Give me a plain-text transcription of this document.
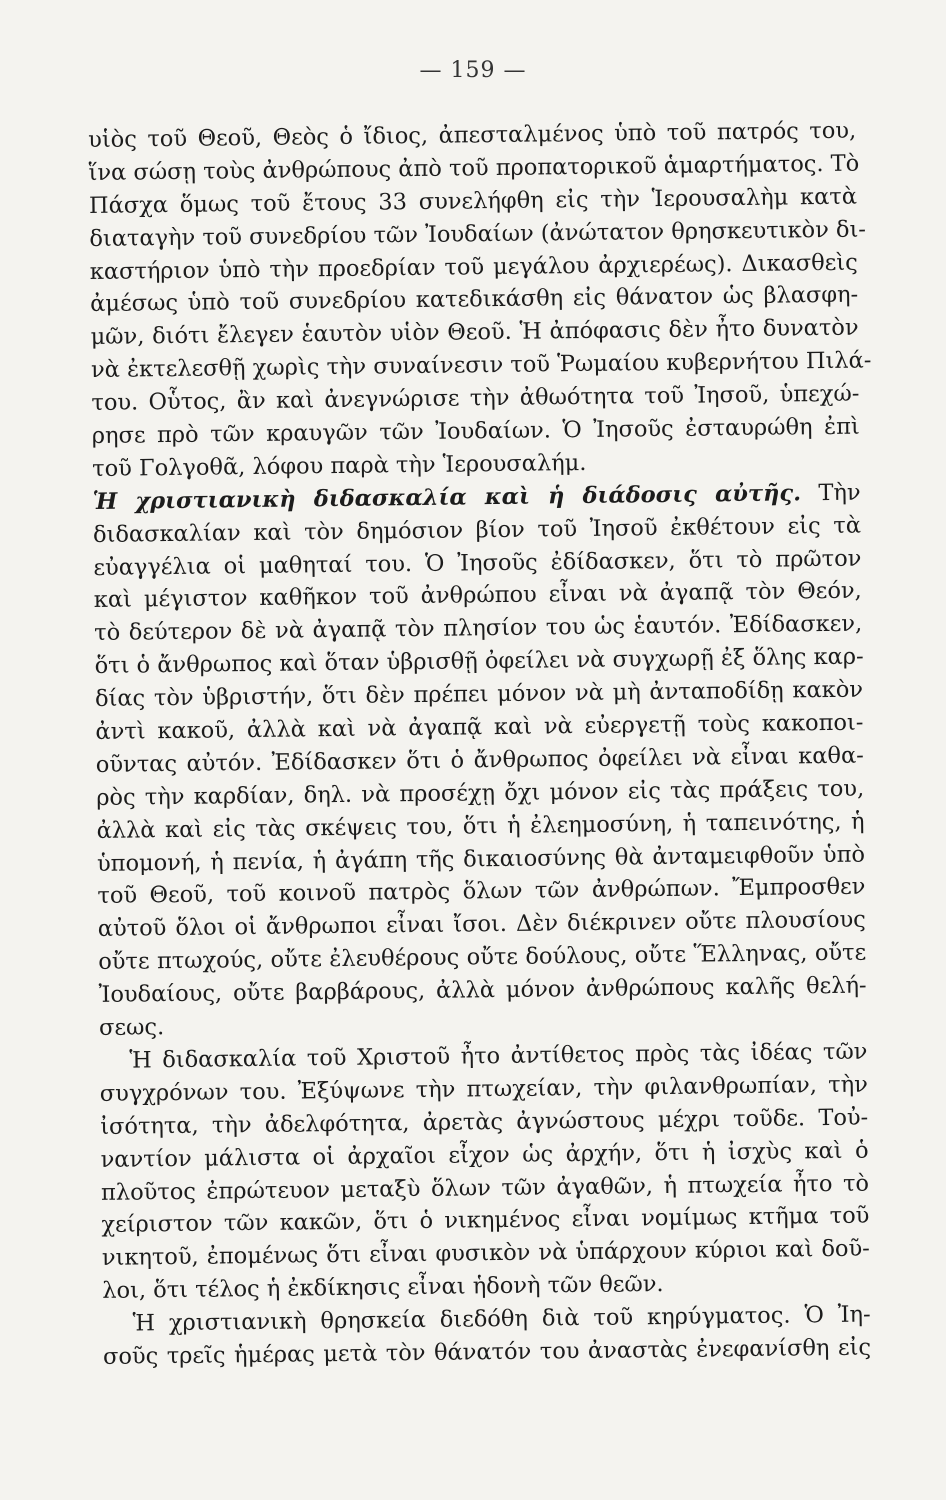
— 159 —
υἱὸς τοῦ Θεοῦ, Θεὸς ὁ ἴδιος, ἀπεσταλμένος ὑπὸ τοῦ πατρός του,
ἵνα σώσῃ τοὺς ἀνθρώπους ἀπὸ τοῦ προπατορικοῦ ἁμαρτήματος. Τὸ
Πάσχα ὅμως τοῦ ἔτους 33 συνελήφθη εἰς τὴν Ἱερουσαλὴμ κατὰ
διαταγὴν τοῦ συνεδρίου τῶν Ἰουδαίων (ἀνώτατον θρησκευτικὸν δι-
καστήριον ὑπὸ τὴν προεδρίαν τοῦ μεγάλου ἀρχιερέως). Δικασθεὶς
ἀμέσως ὑπὸ τοῦ συνεδρίου κατεδικάσθη εἰς θάνατον ὡς βλασφη-
μῶν, διότι ἔλεγεν ἑαυτὸν υἱὸν Θεοῦ. Ἡ ἀπόφασις δὲν ἦτο δυνατὸν
νὰ ἐκτελεσθῇ χωρὶς τὴν συναίνεσιν τοῦ Ῥωμαίου κυβερνήτου Πιλά-
του. Οὗτος, ἂν καὶ ἀνεγνώρισε τὴν ἀθωότητα τοῦ Ἰησοῦ, ὑπεχώ-
ρησε πρὸ τῶν κραυγῶν τῶν Ἰουδαίων. Ὁ Ἰησοῦς ἐσταυρώθη ἐπὶ
τοῦ Γολγοθᾶ, λόφου παρὰ τὴν Ἱερουσαλήμ.
Ἡ χριστιανικὴ διδασκαλία καὶ ἡ διάδοσις αὐτῆς. Τὴν
διδασκαλίαν καὶ τὸν δημόσιον βίον τοῦ Ἰησοῦ ἐκθέτουν εἰς τὰ
εὐαγγέλια οἱ μαθηταί του. Ὁ Ἰησοῦς ἐδίδασκεν, ὅτι τὸ πρῶτον
καὶ μέγιστον καθῆκον τοῦ ἀνθρώπου εἶναι νὰ ἀγαπᾷ τὸν Θεόν,
τὸ δεύτερον δὲ νὰ ἀγαπᾷ τὸν πλησίον του ὡς ἑαυτόν. Ἐδίδασκεν,
ὅτι ὁ ἄνθρωπος καὶ ὅταν ὑβρισθῇ ὀφείλει νὰ συγχωρῇ ἐξ ὅλης καρ-
δίας τὸν ὑβριστήν, ὅτι δὲν πρέπει μόνον νὰ μὴ ἀνταποδίδῃ κακὸν
ἀντὶ κακοῦ, ἀλλὰ καὶ νὰ ἀγαπᾷ καὶ νὰ εὐεργετῇ τοὺς κακοποι-
οῦντας αὐτόν. Ἐδίδασκεν ὅτι ὁ ἄνθρωπος ὀφείλει νὰ εἶναι καθα-
ρὸς τὴν καρδίαν, δηλ. νὰ προσέχῃ ὄχι μόνον εἰς τὰς πράξεις του,
ἀλλὰ καὶ εἰς τὰς σκέψεις του, ὅτι ἡ ἐλεημοσύνη, ἡ ταπεινότης, ἡ
ὑπομονή, ἡ πενία, ἡ ἀγάπη τῆς δικαιοσύνης θὰ ἀνταμειφθοῦν ὑπὸ
τοῦ Θεοῦ, τοῦ κοινοῦ πατρὸς ὅλων τῶν ἀνθρώπων. Ἔμπροσθεν
αὐτοῦ ὅλοι οἱ ἄνθρωποι εἶναι ἴσοι. Δὲν διέκρινεν οὔτε πλουσίους
οὔτε πτωχούς, οὔτε ἐλευθέρους οὔτε δούλους, οὔτε Ἕλληνας, οὔτε
Ἰουδαίους, οὔτε βαρβάρους, ἀλλὰ μόνον ἀνθρώπους καλῆς θελή-
σεως.
Ἡ διδασκαλία τοῦ Χριστοῦ ἦτο ἀντίθετος πρὸς τὰς ἰδέας τῶν
συγχρόνων του. Ἐξύψωνε τὴν πτωχείαν, τὴν φιλανθρωπίαν, τὴν
ἰσότητα, τὴν ἀδελφότητα, ἀρετὰς ἀγνώστους μέχρι τοῦδε. Τοὐ-
ναντίον μάλιστα οἱ ἀρχαῖοι εἶχον ὡς ἀρχήν, ὅτι ἡ ἰσχὺς καὶ ὁ
πλοῦτος ἐπρώτευον μεταξὺ ὅλων τῶν ἀγαθῶν, ἡ πτωχεία ἦτο τὸ
χείριστον τῶν κακῶν, ὅτι ὁ νικημένος εἶναι νομίμως κτῆμα τοῦ
νικητοῦ, ἐπομένως ὅτι εἶναι φυσικὸν νὰ ὑπάρχουν κύριοι καὶ δοῦ-
λοι, ὅτι τέλος ἡ ἐκδίκησις εἶναι ἡδονὴ τῶν θεῶν.
Ἡ χριστιανικὴ θρησκεία διεδόθη διὰ τοῦ κηρύγματος. Ὁ Ἰη-
σοῦς τρεῖς ἡμέρας μετὰ τὸν θάνατόν του ἀναστὰς ἐνεφανίσθη εἰς
